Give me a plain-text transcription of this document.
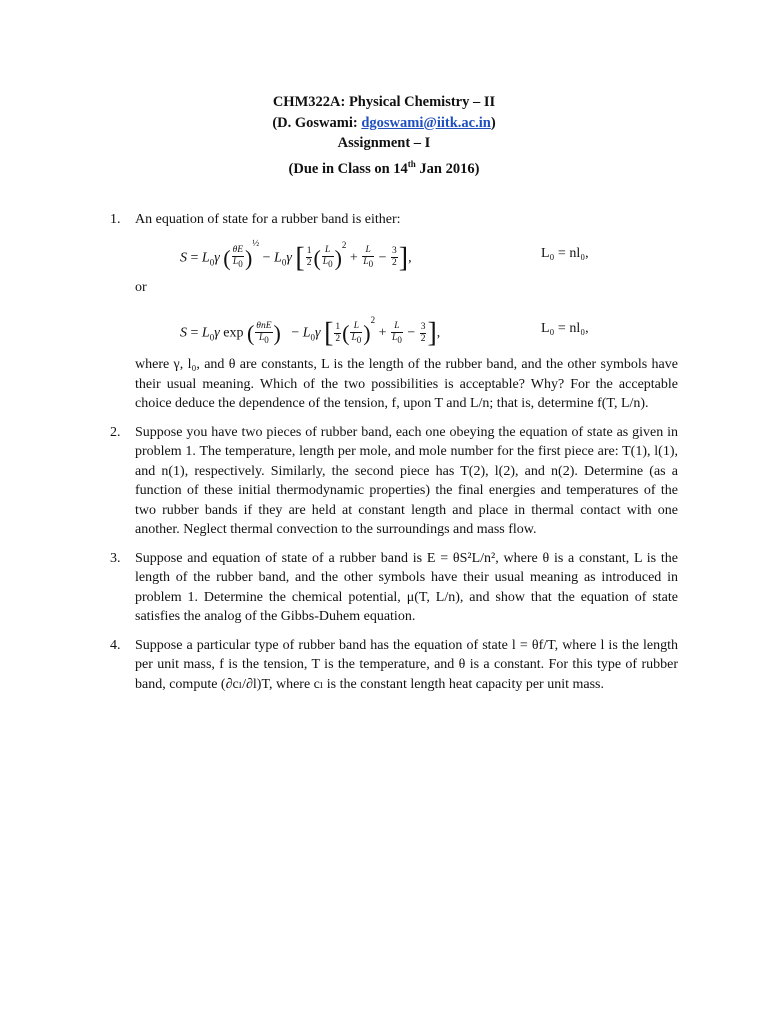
CHM322A: Physical Chemistry – II
(D. Goswami: dgoswami@iitk.ac.in)
Assignment – I
(Due in Class on 14th Jan 2016)
1. An equation of state for a rubber band is either:
$S = L_0\gamma$ ( $\frac{\theta E}{L_0} )^{\frac{1}{2}} - L_0\gamma$ [ $\frac{1}{2}$ ( $\frac{L}{L_0} )^2 + \frac{L}{L_0} - \frac{3}{2}$ ],	L₀ = nl₀,
or
$S = L_0\gamma$ exp ( $\frac{\text{θnE}}{L_0}$ )   − $L_0\gamma$ [ $\frac{1}{2}$ ( $\frac{L}{L_0} )^2 + \frac{L}{L_0} - \frac{3}{2}$ ],	L₀ = nl₀,
where γ, l₀, and θ are constants, L is the length of the rubber band, and the other symbols have their usual meaning. Which of the two possibilities is acceptable? Why? For the acceptable choice deduce the dependence of the tension, f, upon T and L/n; that is, determine f(T, L/n).
2. Suppose you have two pieces of rubber band, each one obeying the equation of state as given in problem 1. The temperature, length per mole, and mole number for the first piece are: T(1), l(1), and n(1), respectively. Similarly, the second piece has T(2), l(2), and n(2). Determine (as a function of these initial thermodynamic properties) the final energies and temperatures of the two rubber bands if they are held at constant length and place in thermal contact with one another. Neglect thermal convection to the surroundings and mass flow.
3. Suppose and equation of state of a rubber band is E = θS²L/n², where θ is a constant, L is the length of the rubber band, and the other symbols have their usual meaning as introduced in problem 1. Determine the chemical potential, μ(T, L/n), and show that the equation of state satisfies the analog of the Gibbs-Duhem equation.
4. Suppose a particular type of rubber band has the equation of state l = θf/T, where l is the length per unit mass, f is the tension, T is the temperature, and θ is a constant. For this type of rubber band, compute (∂cₗ/∂l)T, where cₗ is the constant length heat capacity per unit mass.
